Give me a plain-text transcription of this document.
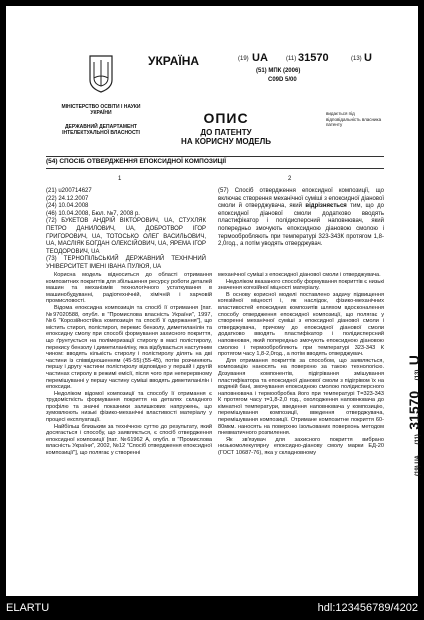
УКРАЇНА	(19) UA	(11) 31570	(13) U
(51) МПК (2006)
C09D 5/00
МІНІСТЕРСТВО ОСВІТИ І НАУКИ УКРАЇНИ
ДЕРЖАВНИЙ ДЕПАРТАМЕНТ ІНТЕЛЕКТУАЛЬНОЇ ВЛАСНОСТІ
ОПИС
ДО ПАТЕНТУ
НА КОРИСНУ МОДЕЛЬ
видається під відповідальність власника патенту
(54) СПОСІБ ОТВЕРДЖЕННЯ ЕПОКСИДНОЇ КОМПОЗИЦІЇ
1	2

(21) u200714627

(22) 24.12.2007

(24) 10.04.2008

(46) 10.04.2008, Бюл. №7, 2008 р.

(72) БУКЕТОВ АНДРІЙ ВІКТОРОВИЧ, UA, СТУХЛЯК ПЕТРО ДАНИЛОВИЧ, UA, ДОБРОТВОР ІГОР ГРИГОРОВИЧ, UA, ТОТОСЬКО ОЛЕГ ВАСИЛЬОВИЧ, UA, МАСЛІЯК БОГДАН ОЛЕКСІЙОВИЧ, UA, ЯРЕМА ІГОР ТЕОДОРОВИЧ, UA

(73) ТЕРНОПІЛЬСЬКИЙ ДЕРЖАВНИЙ ТЕХНІЧНИЙ УНІВЕРСИТЕТ ІМЕНІ ІВАНА ПУЛЮЯ, UA

(57) Спосіб отвердження епоксидної композиції, що включає створення механічної суміші з епоксидної діанової смоли й отверджувача, який відрізняється тим, що до епоксидної діанової смоли додатково вводять пластифікатор і полідисперсний наповнювач, який попередньо змочують епоксидною діановою смолою і термообробляють при температурі 323-343К протягом 1,8-2,0год., а потім уводять отверджувач.

Корисна модель відноситься до області отримання композитних покриттів для збільшення ресурсу роботи деталей машин та механізмів технологічного устаткування в машинобудуванні, радіотехнічній, хімічній і харчовій промисловості.

Відома епоксидна композиція та спосіб її отримання [пат. №97020588, опубл. в "Промислова власність України", 1997, №6 "Корозійностійка композиція та спосіб її одержання"], що містить стирол, полістирол, перекис бензолу, диметиланілін та епоксидну смолу при способі формування захисного покриття, що ґрунтується на полімеризації стиролу в масі полістиролу, перекису бензолу і диметиланіліну, яка відбувається наступним чином: вводять кількість стиролу і полістиролу ділять на дві частини із співвідношенням (45-55):(55-45), потім розчиняють першу і другу частини полістиролу відповідно у першій і другій частинах стиролу в режимі емісії, після чого при неперервному перемішуванні у першу частину суміші вводять диметиланілін і епоксиди.

Недоліком відомої композиції та способу її отримання є трудомісткість формування покриття на деталях складного профілю та значні показники залишкових напружень, що зумовлюють низькі фізико-механічні властивості матеріалу у процесі експлуатації.

Найбільш близьким за технічною суттю до результату, який досягається і способу, що заявляється, є спосіб отвердження епоксидної композиції [пат. №61962 А, опубл. в "Промислова власність України", 2002, №12 "Спосіб отвердження епоксидної композиції"], що полягає у створенні

механічної суміші з епоксидної діанової смоли і отверджувача.

Недоліком вказаного способу формування покриттів є низькі значення когезійної міцності матеріалу.

В основу корисної моделі поставлено задачу підвищення когезійної міцності і, як наслідок, фізико-механічних властивостей епоксидних композитів шляхом вдосконалення способу отвердження епоксидної композиції, що полягає у створенні механічної суміші з епоксидної діанової смоли і отверджувача, причому до епоксидної діанової смоли додатково вводять пластифікатор і полідисперсний наповнювач, який попередньо змочують епоксидною діановою смолою і термообробляють при температурі 323-343 К протягом часу 1,8-2,0год., а потім вводять отверджувач.

Для отримання покриттів за способом, що заявляється, композицію наносять на поверхню за такою технологією. Дозування компонентів, підігрівання змішування пластифікатора та епоксидної діанової смоли з підігрівом їх на водяній бані, змочування епоксидною смолою полідисперсного наповнювача і термообробка його при температурі Т=323-343 К протягом часу τ=1,8-2,0 год., охолодження наповнювача до кімнатної температури, введення наповнювача у композицію, перемішування композиції, введення отверджувача, перемішування композиції. Отримане композитне покриття 60-80мкм. наносять на поверхню ізольованих поверхонь методом пневматичного розпилення.

Як зв'язувач для захисного покриття вибрано низькомолекулярну епоксидно-діанову смолу марки ЕД-20 (ГОСТ 10687-76), яка у складновному

(19) UA (11) 31570 (13) U
ELARTU	hdl:123456789/4202
